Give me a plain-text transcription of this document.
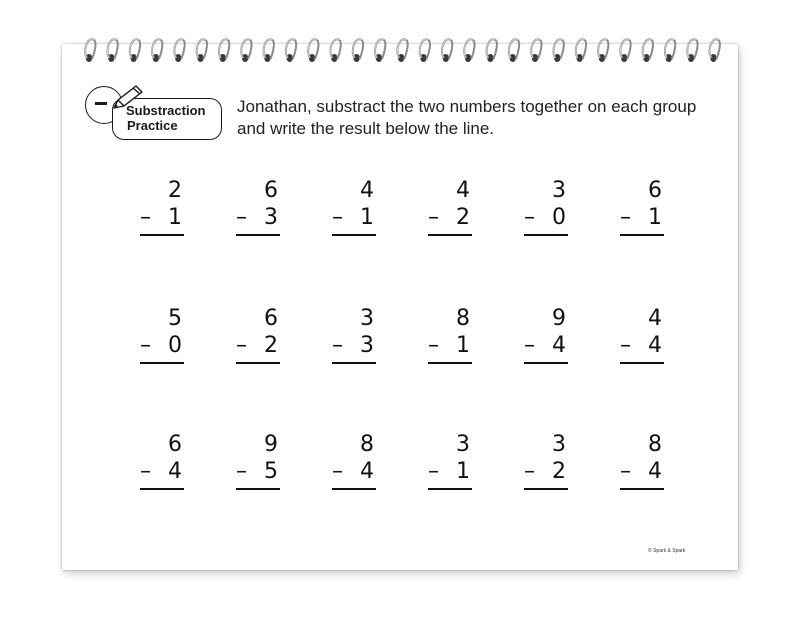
Substraction
Practice
Jonathan, substract the two numbers together on each group and write the result below the line.
2
– 1
6
– 3
4
– 1
4
– 2
3
– 0
6
– 1
5
– 0
6
– 2
3
– 3
8
– 1
9
– 4
4
– 4
6
– 4
9
– 5
8
– 4
3
– 1
3
– 2
8
– 4
© Spark & Spark
